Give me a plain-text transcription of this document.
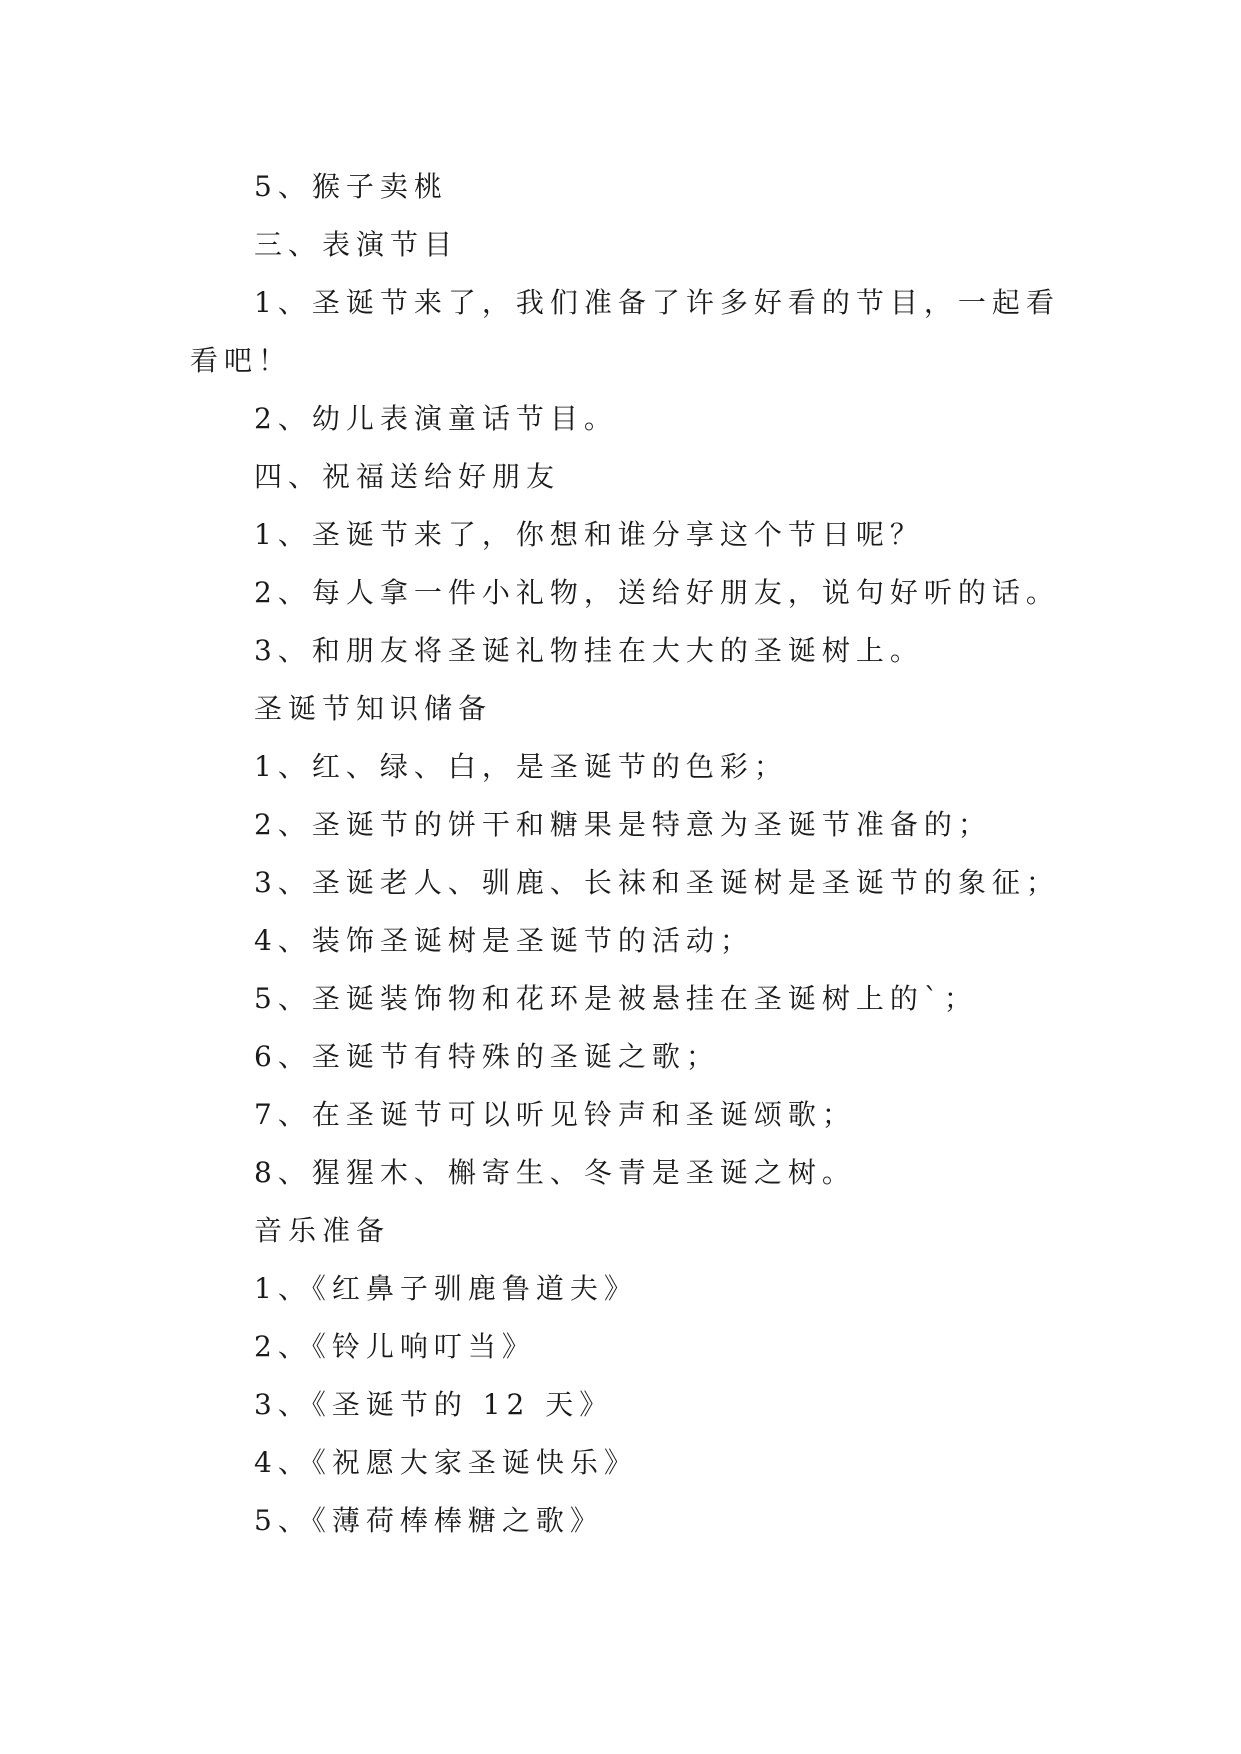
5、猴子卖桃

三、表演节目

1、圣诞节来了，我们准备了许多好看的节目，一起看

看吧！

2、幼儿表演童话节目。

四、祝福送给好朋友

1、圣诞节来了，你想和谁分享这个节日呢？

2、每人拿一件小礼物，送给好朋友，说句好听的话。

3、和朋友将圣诞礼物挂在大大的圣诞树上。

圣诞节知识储备

1、红、绿、白，是圣诞节的色彩；

2、圣诞节的饼干和糖果是特意为圣诞节准备的；

3、圣诞老人、驯鹿、长袜和圣诞树是圣诞节的象征；

4、装饰圣诞树是圣诞节的活动；

5、圣诞装饰物和花环是被悬挂在圣诞树上的`；

6、圣诞节有特殊的圣诞之歌；

7、在圣诞节可以听见铃声和圣诞颂歌；

8、猩猩木、槲寄生、冬青是圣诞之树。

音乐准备

1、《红鼻子驯鹿鲁道夫》

2、《铃儿响叮当》

3、《圣诞节的 12 天》

4、《祝愿大家圣诞快乐》

5、《薄荷棒棒糖之歌》
